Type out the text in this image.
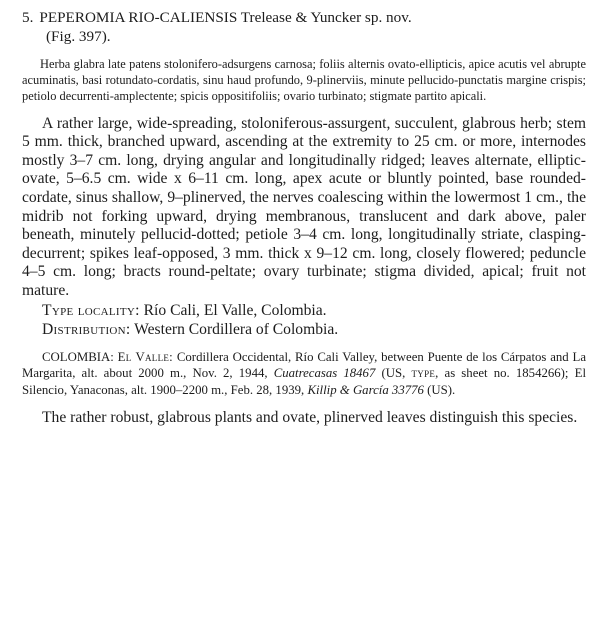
5. PEPEROMIA RIO-CALIENSIS Trelease & Yuncker sp. nov.
(Fig. 397).

Herba glabra late patens stolonifero-adsurgens carnosa; foliis alternis ovato-ellipticis, apice acutis vel abrupte acuminatis, basi rotundato-cordatis, sinu haud profundo, 9-plinerviis, minute pellucido-punctatis margine crispis; petiolo decurrenti-amplectente; spicis oppositifoliis; ovario turbinato; stigmate partito apicali.

A rather large, wide-spreading, stoloniferous-assurgent, succulent, glabrous herb; stem 5 mm. thick, branched upward, ascending at the extremity to 25 cm. or more, internodes mostly 3–7 cm. long, drying angular and longitudinally ridged; leaves alternate, elliptic-ovate, 5–6.5 cm. wide x 6–11 cm. long, apex acute or bluntly pointed, base rounded-cordate, sinus shallow, 9–plinerved, the nerves coalescing within the lowermost 1 cm., the midrib not forking upward, drying membranous, translucent and dark above, paler beneath, minutely pellucid-dotted; petiole 3–4 cm. long, longitudinally striate, clasping-decurrent; spikes leaf-opposed, 3 mm. thick x 9–12 cm. long, closely flowered; peduncle 4–5 cm. long; bracts round-peltate; ovary turbinate; stigma divided, apical; fruit not mature.

Type locality: Río Cali, El Valle, Colombia.

Distribution: Western Cordillera of Colombia.

COLOMBIA: El Valle: Cordillera Occidental, Río Cali Valley, between Puente de los Cárpatos and La Margarita, alt. about 2000 m., Nov. 2, 1944, Cuatrecasas 18467 (US, type, as sheet no. 1854266); El Silencio, Yanaconas, alt. 1900–2200 m., Feb. 28, 1939, Killip & García 33776 (US).

The rather robust, glabrous plants and ovate, plinerved leaves distinguish this species.
